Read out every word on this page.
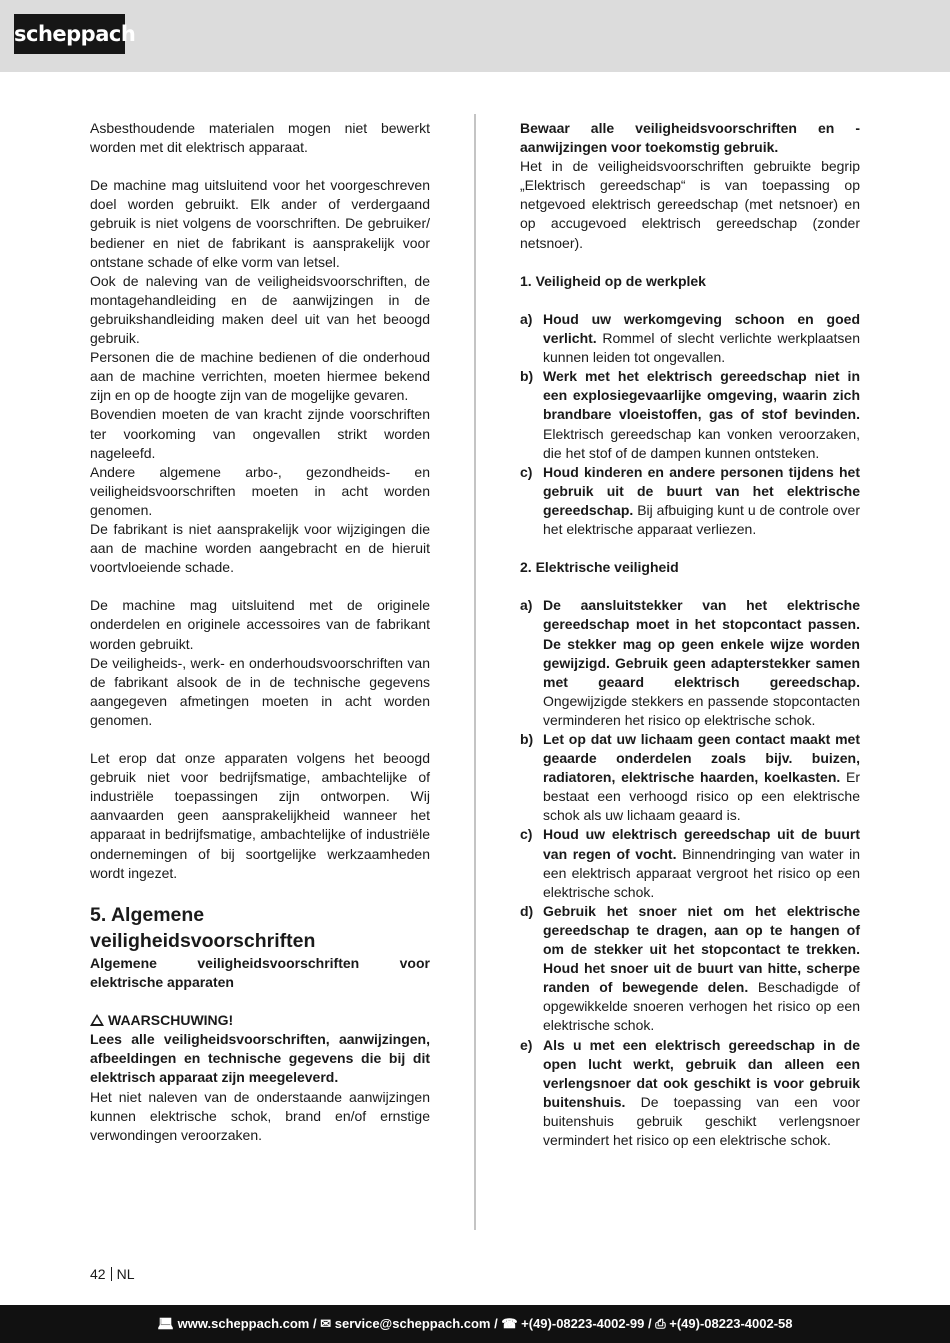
scheppach

Asbesthoudende materialen mogen niet bewerkt worden met dit elektrisch apparaat.

De machine mag uitsluitend voor het voorgeschreven doel worden gebruikt. Elk ander of verdergaand gebruik is niet volgens de voorschriften. De gebruiker/ bediener en niet de fabrikant is aansprakelijk voor ontstane schade of elke vorm van letsel.

Ook de naleving van de veiligheidsvoorschriften, de montagehandleiding en de aanwijzingen in de gebruikshandleiding maken deel uit van het beoogd gebruik.

Personen die de machine bedienen of die onderhoud aan de machine verrichten, moeten hiermee bekend zijn en op de hoogte zijn van de mogelijke gevaren.

Bovendien moeten de van kracht zijnde voorschriften ter voorkoming van ongevallen strikt worden nageleefd.

Andere algemene arbo-, gezondheids- en veiligheidsvoorschriften moeten in acht worden genomen.

De fabrikant is niet aansprakelijk voor wijzigingen die aan de machine worden aangebracht en de hieruit voortvloeiende schade.

De machine mag uitsluitend met de originele onderdelen en originele accessoires van de fabrikant worden gebruikt.

De veiligheids-, werk- en onderhoudsvoorschriften van de fabrikant alsook de in de technische gegevens aangegeven afmetingen moeten in acht worden genomen.

Let erop dat onze apparaten volgens het beoogd gebruik niet voor bedrijfsmatige, ambachtelijke of industriële toepassingen zijn ontworpen. Wij aanvaarden geen aansprakelijkheid wanneer het apparaat in bedrijfsmatige, ambachtelijke of industriële ondernemingen of bij soortgelijke werkzaamheden wordt ingezet.

5. Algemene veiligheidsvoorschriften

Algemene veiligheidsvoorschriften voor elektrische apparaten

WAARSCHUWING!

Lees alle veiligheidsvoorschriften, aanwijzingen, afbeeldingen en technische gegevens die bij dit elektrisch apparaat zijn meegeleverd.

Het niet naleven van de onderstaande aanwijzingen kunnen elektrische schok, brand en/of ernstige verwondingen veroorzaken.

Bewaar alle veiligheidsvoorschriften en -aanwijzingen voor toekomstig gebruik.

Het in de veiligheidsvoorschriften gebruikte begrip „Elektrisch gereedschap“ is van toepassing op netgevoed elektrisch gereedschap (met netsnoer) en op accugevoed elektrisch gereedschap (zonder netsnoer).

1. Veiligheid op de werkplek

a) Houd uw werkomgeving schoon en goed verlicht. Rommel of slecht verlichte werkplaatsen kunnen leiden tot ongevallen.
b) Werk met het elektrisch gereedschap niet in een explosiegevaarlijke omgeving, waarin zich brandbare vloeistoffen, gas of stof bevinden. Elektrisch gereedschap kan vonken veroorzaken, die het stof of de dampen kunnen ontsteken.
c) Houd kinderen en andere personen tijdens het gebruik uit de buurt van het elektrische gereedschap. Bij afbuiging kunt u de controle over het elektrische apparaat verliezen.

2. Elektrische veiligheid

a) De aansluitstekker van het elektrische gereedschap moet in het stopcontact passen. De stekker mag op geen enkele wijze worden gewijzigd. Gebruik geen adapterstekker samen met geaard elektrisch gereedschap. Ongewijzigde stekkers en passende stopcontacten verminderen het risico op elektrische schok.
b) Let op dat uw lichaam geen contact maakt met geaarde onderdelen zoals bijv. buizen, radiatoren, elektrische haarden, koelkasten. Er bestaat een verhoogd risico op een elektrische schok als uw lichaam geaard is.
c) Houd uw elektrisch gereedschap uit de buurt van regen of vocht. Binnendringing van water in een elektrisch apparaat vergroot het risico op een elektrische schok.
d) Gebruik het snoer niet om het elektrische gereedschap te dragen, aan op te hangen of om de stekker uit het stopcontact te trekken. Houd het snoer uit de buurt van hitte, scherpe randen of bewegende delen. Beschadigde of opgewikkelde snoeren verhogen het risico op een elektrische schok.
e) Als u met een elektrisch gereedschap in de open lucht werkt, gebruik dan alleen een verlengsnoer dat ook geschikt is voor gebruik buitenshuis. De toepassing van een voor buitenshuis gebruik geschikt verlengsnoer vermindert het risico op een elektrische schok.
42 NL
💻︎ www.scheppach.com / ✉ service@scheppach.com / ☎ +(49)-08223-4002-99 / ⎙ +(49)-08223-4002-58
